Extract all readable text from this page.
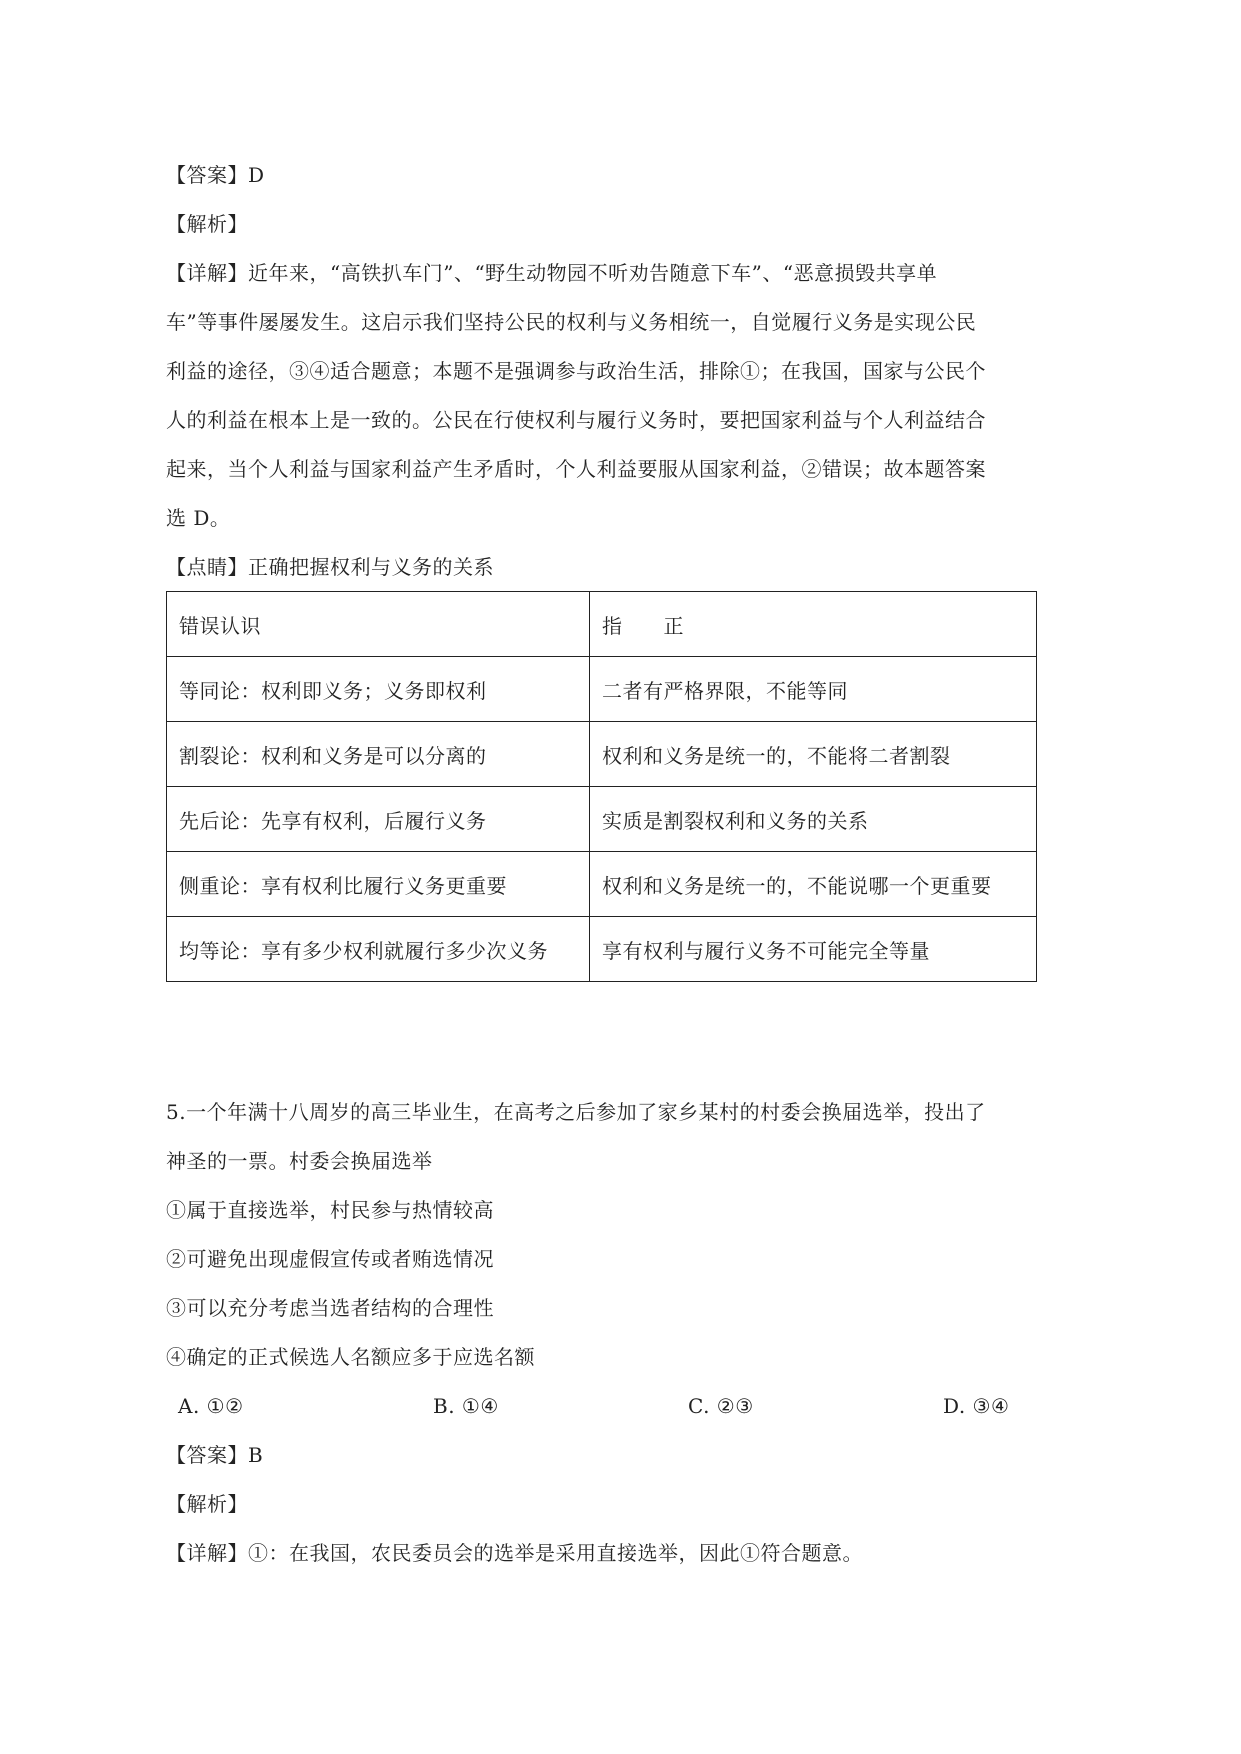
【答案】D
【解析】
【详解】近年来，“高铁扒车门”、“野生动物园不听劝告随意下车”、“恶意损毁共享单
车”等事件屡屡发生。这启示我们坚持公民的权利与义务相统一，自觉履行义务是实现公民
利益的途径，③④适合题意；本题不是强调参与政治生活，排除①；在我国，国家与公民个
人的利益在根本上是一致的。公民在行使权利与履行义务时，要把国家利益与个人利益结合
起来，当个人利益与国家利益产生矛盾时，个人利益要服从国家利益，②错误；故本题答案
选 D。
【点睛】正确把握权利与义务的关系
错误认识	指　　正
等同论：权利即义务；义务即权利	二者有严格界限，不能等同
割裂论：权利和义务是可以分离的	权利和义务是统一的，不能将二者割裂
先后论：先享有权利，后履行义务	实质是割裂权利和义务的关系
侧重论：享有权利比履行义务更重要	权利和义务是统一的，不能说哪一个更重要
均等论：享有多少权利就履行多少次义务	享有权利与履行义务不可能完全等量
5.一个年满十八周岁的高三毕业生，在高考之后参加了家乡某村的村委会换届选举，投出了
神圣的一票。村委会换届选举
①属于直接选举，村民参与热情较高
②可避免出现虚假宣传或者贿选情况
③可以充分考虑当选者结构的合理性
④确定的正式候选人名额应多于应选名额
A. ①②	B. ①④	C. ②③	D. ③④
【答案】B
【解析】
【详解】①：在我国，农民委员会的选举是采用直接选举，因此①符合题意。
